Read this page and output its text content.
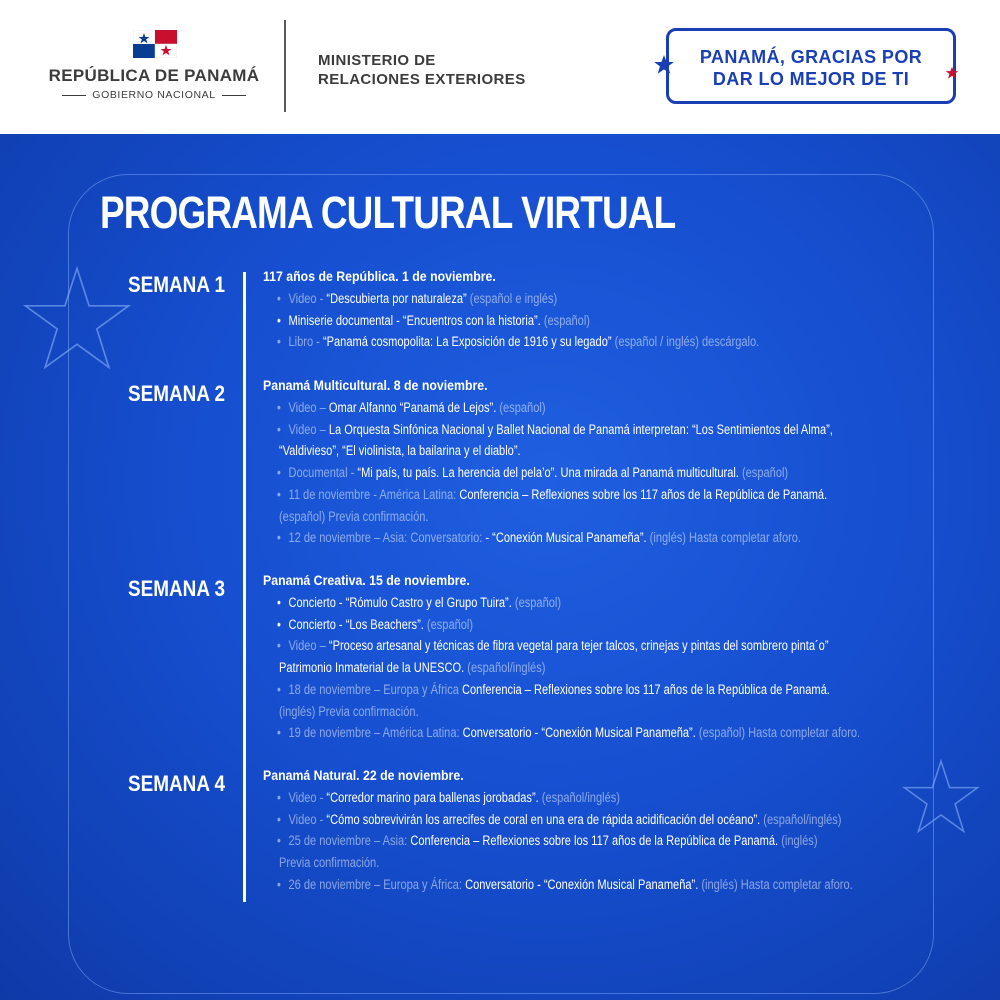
REPÚBLICA DE PANAMÁ
GOBIERNO NACIONAL
MINISTERIO DE
RELACIONES EXTERIORES
PANAMÁ, GRACIAS POR
DAR LO MEJOR DE TI
PROGRAMA CULTURAL VIRTUAL
SEMANA 1	117 años de República. 1 de noviembre.
• Video - “Descubierta por naturaleza” (español e inglés)
• Miniserie documental - “Encuentros con la historia”. (español)
• Libro - “Panamá cosmopolita: La Exposición de 1916 y su legado” (español / inglés) descárgalo.
SEMANA 2	Panamá Multicultural. 8 de noviembre.
• Video – Omar Alfanno “Panamá de Lejos”. (español)
• Video – La Orquesta Sinfónica Nacional y Ballet Nacional de Panamá interpretan: “Los Sentimientos del Alma”,
“Valdivieso”, “El violinista, la bailarina y el diablo”.
• Documental - “Mi país, tu país. La herencia del pela’o”. Una mirada al Panamá multicultural. (español)
• 11 de noviembre - América Latina: Conferencia – Reflexiones sobre los 117 años de la República de Panamá.
(español) Previa confirmación.
• 12 de noviembre – Asia: Conversatorio: - “Conexión Musical Panameña”. (inglés) Hasta completar aforo.
SEMANA 3	Panamá Creativa. 15 de noviembre.
• Concierto - “Rómulo Castro y el Grupo Tuira”. (español)
• Concierto - “Los Beachers”. (español)
• Video – “Proceso artesanal y técnicas de fibra vegetal para tejer talcos, crinejas y pintas del sombrero pinta´o”
Patrimonio Inmaterial de la UNESCO. (español/inglés)
• 18 de noviembre – Europa y África Conferencia – Reflexiones sobre los 117 años de la República de Panamá.
(inglés) Previa confirmación.
• 19 de noviembre – América Latina: Conversatorio - “Conexión Musical Panameña”. (español) Hasta completar aforo.
SEMANA 4	Panamá Natural. 22 de noviembre.
• Video - “Corredor marino para ballenas jorobadas”. (español/inglés)
• Video - “Cómo sobrevivirán los arrecifes de coral en una era de rápida acidificación del océano”. (español/inglés)
• 25 de noviembre – Asia: Conferencia – Reflexiones sobre los 117 años de la República de Panamá. (inglés)
Previa confirmación.
• 26 de noviembre – Europa y África: Conversatorio - “Conexión Musical Panameña”. (inglés) Hasta completar aforo.
